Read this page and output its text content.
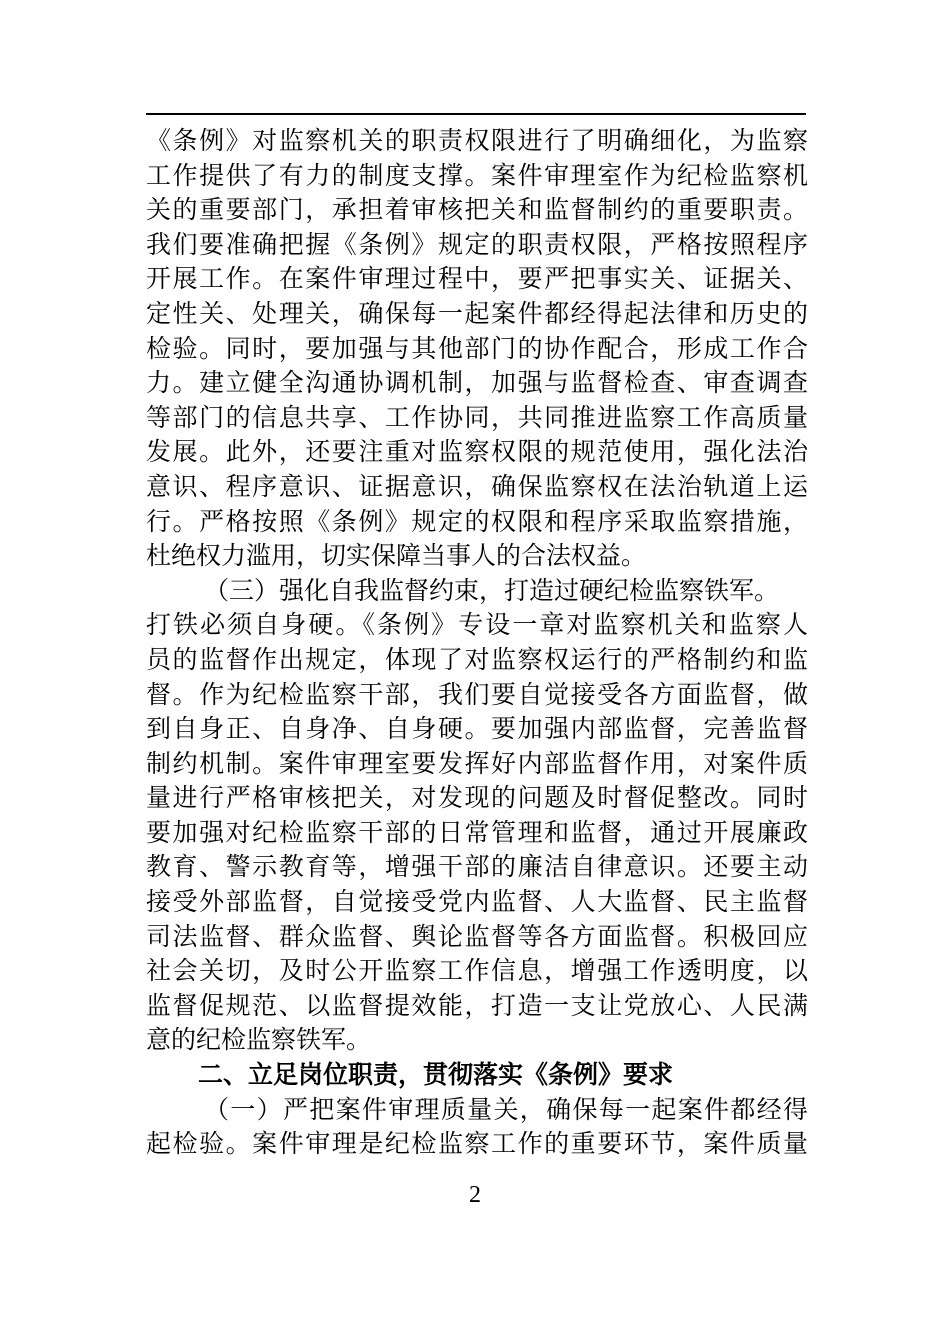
《条例》对监察机关的职责权限进行了明确细化，为监察
工作提供了有力的制度支撑。案件审理室作为纪检监察机
关的重要部门，承担着审核把关和监督制约的重要职责。
我们要准确把握《条例》规定的职责权限，严格按照程序
开展工作。在案件审理过程中，要严把事实关、证据关、
定性关、处理关，确保每一起案件都经得起法律和历史的
检验。同时，要加强与其他部门的协作配合，形成工作合
力。建立健全沟通协调机制，加强与监督检查、审查调查
等部门的信息共享、工作协同，共同推进监察工作高质量
发展。此外，还要注重对监察权限的规范使用，强化法治
意识、程序意识、证据意识，确保监察权在法治轨道上运
行。严格按照《条例》规定的权限和程序采取监察措施，
杜绝权力滥用，切实保障当事人的合法权益。
（三）强化自我监督约束，打造过硬纪检监察铁军。
打铁必须自身硬。《条例》专设一章对监察机关和监察人
员的监督作出规定，体现了对监察权运行的严格制约和监
督。作为纪检监察干部，我们要自觉接受各方面监督，做
到自身正、自身净、自身硬。要加强内部监督，完善监督
制约机制。案件审理室要发挥好内部监督作用，对案件质
量进行严格审核把关，对发现的问题及时督促整改。同时
要加强对纪检监察干部的日常管理和监督，通过开展廉政
教育、警示教育等，增强干部的廉洁自律意识。还要主动
接受外部监督，自觉接受党内监督、人大监督、民主监督
司法监督、群众监督、舆论监督等各方面监督。积极回应
社会关切，及时公开监察工作信息，增强工作透明度，以
监督促规范、以监督提效能，打造一支让党放心、人民满
意的纪检监察铁军。
二、立足岗位职责，贯彻落实《条例》要求
（一）严把案件审理质量关，确保每一起案件都经得
起检验。案件审理是纪检监察工作的重要环节，案件质量
2
